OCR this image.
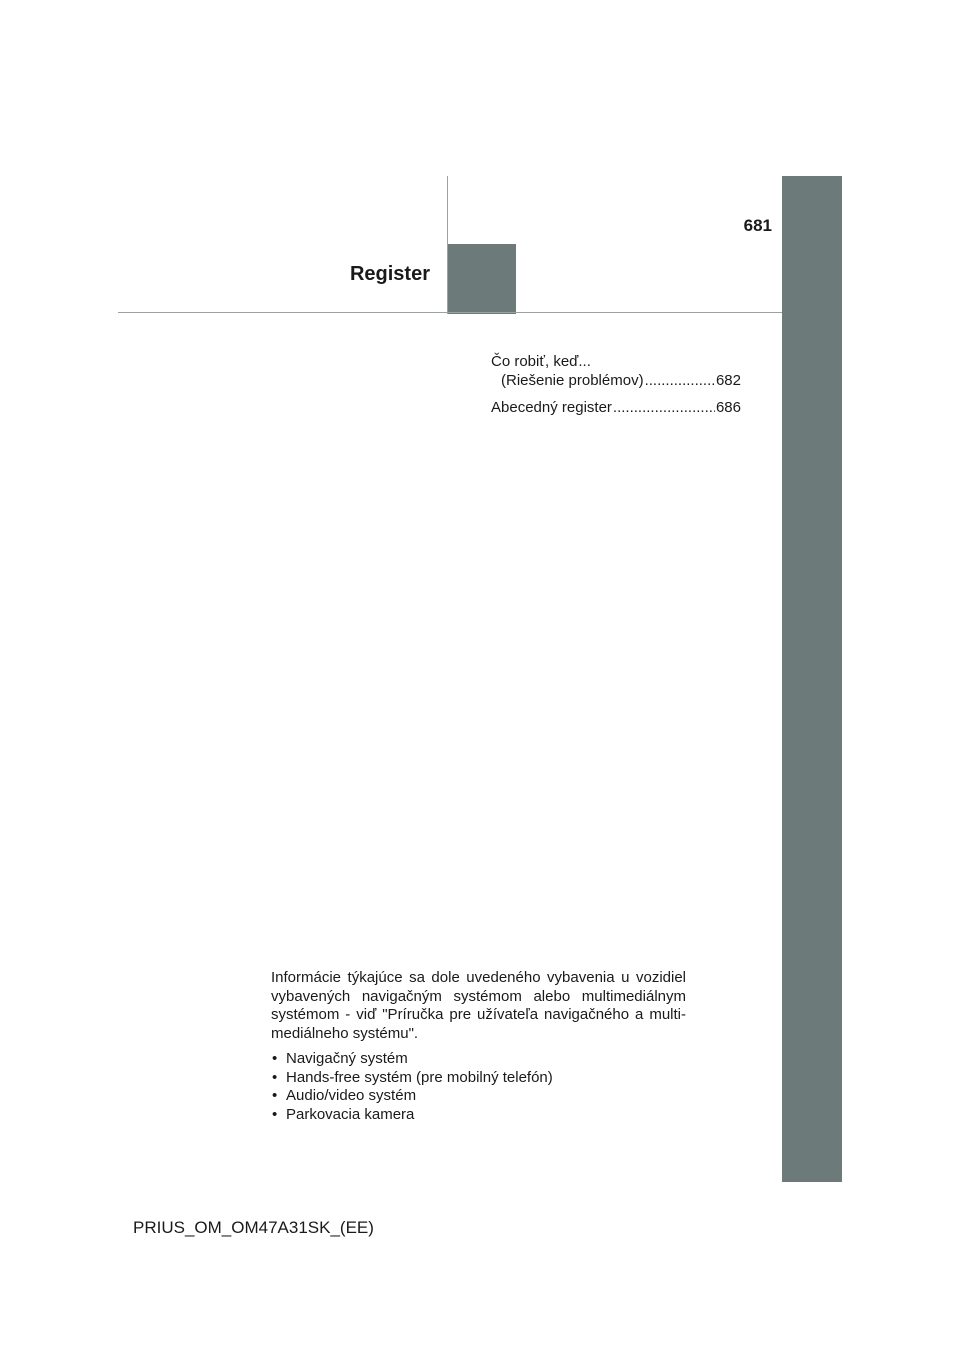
681
Register
Čo robiť, keď...
(Riešenie problémov) .....	682
Abecedný register .....	686

Informácie týkajúce sa dole uvedeného vybavenia u vozidiel vybavených navigačným systémom alebo multimediálnym systémom - viď "Príručka pre užívateľa navigačného a multimediálneho systému".

• Navigačný systém
• Hands-free systém (pre mobilný telefón)
• Audio/video systém
• Parkovacia kamera
PRIUS_OM_OM47A31SK_(EE)
